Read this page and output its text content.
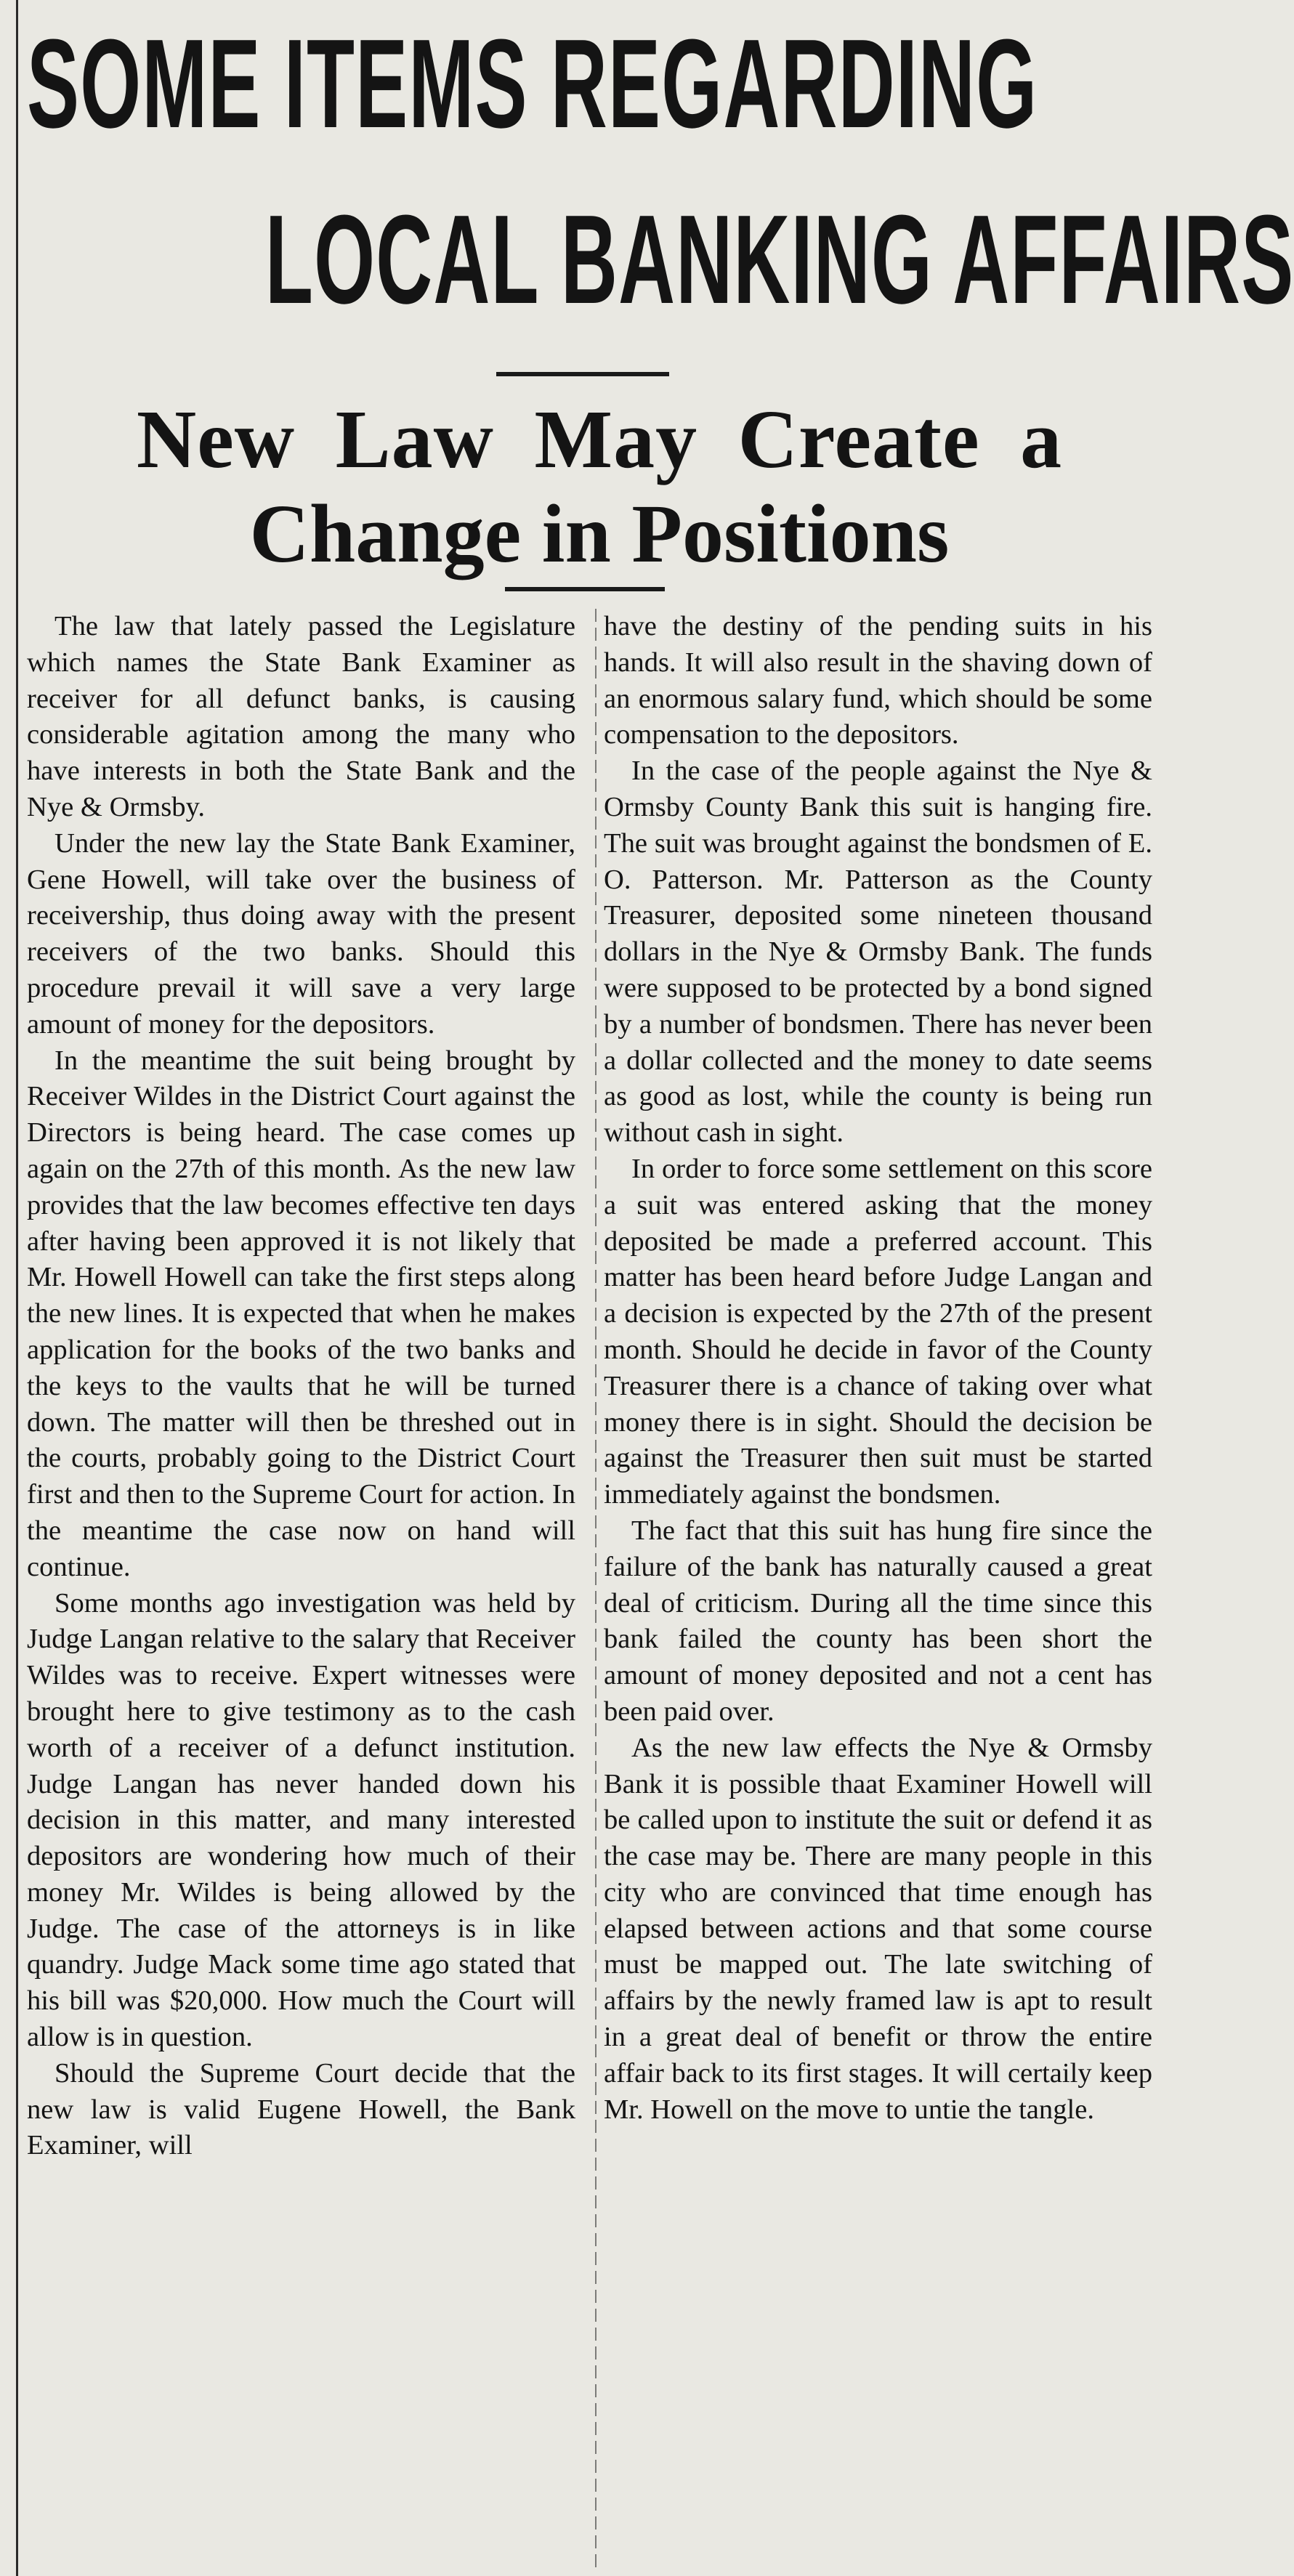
SOME ITEMS REGARDING
LOCAL BANKING AFFAIRS
New Law May Create a
Change in Positions

The law that lately passed the Legislature which names the State Bank Examiner as receiver for all defunct banks, is causing considerable agitation among the many who have interests in both the State Bank and the Nye & Ormsby.

Under the new lay the State Bank Examiner, Gene Howell, will take over the business of receivership, thus doing away with the present receivers of the two banks. Should this procedure prevail it will save a very large amount of money for the depositors.

In the meantime the suit being brought by Receiver Wildes in the District Court against the Directors is being heard. The case comes up again on the 27th of this month. As the new law provides that the law becomes effective ten days after having been approved it is not likely that Mr. Howell Howell can take the first steps along the new lines. It is expected that when he makes application for the books of the two banks and the keys to the vaults that he will be turned down. The matter will then be threshed out in the courts, probably going to the District Court first and then to the Supreme Court for action. In the meantime the case now on hand will continue.

Some months ago investigation was held by Judge Langan relative to the salary that Receiver Wildes was to receive. Expert witnesses were brought here to give testimony as to the cash worth of a receiver of a defunct institution. Judge Langan has never handed down his decision in this matter, and many interested depositors are wondering how much of their money Mr. Wildes is being allowed by the Judge. The case of the attorneys is in like quandry. Judge Mack some time ago stated that his bill was $20,000. How much the Court will allow is in question.

Should the Supreme Court decide that the new law is valid Eugene Howell, the Bank Examiner, will

have the destiny of the pending suits in his hands. It will also result in the shaving down of an enormous salary fund, which should be some compensation to the depositors.

In the case of the people against the Nye & Ormsby County Bank this suit is hanging fire. The suit was brought against the bondsmen of E. O. Patterson. Mr. Patterson as the County Treasurer, deposited some nineteen thousand dollars in the Nye & Ormsby Bank. The funds were supposed to be protected by a bond signed by a number of bondsmen. There has never been a dollar collected and the money to date seems as good as lost, while the county is being run without cash in sight.

In order to force some settlement on this score a suit was entered asking that the money deposited be made a preferred account. This matter has been heard before Judge Langan and a decision is expected by the 27th of the present month. Should he decide in favor of the County Treasurer there is a chance of taking over what money there is in sight. Should the decision be against the Treasurer then suit must be started immediately against the bondsmen.

The fact that this suit has hung fire since the failure of the bank has naturally caused a great deal of criticism. During all the time since this bank failed the county has been short the amount of money deposited and not a cent has been paid over.

As the new law effects the Nye & Ormsby Bank it is possible thaat Examiner Howell will be called upon to institute the suit or defend it as the case may be. There are many people in this city who are convinced that time enough has elapsed between actions and that some course must be mapped out. The late switching of affairs by the newly framed law is apt to result in a great deal of benefit or throw the entire affair back to its first stages. It will certaily keep Mr. Howell on the move to untie the tangle.
